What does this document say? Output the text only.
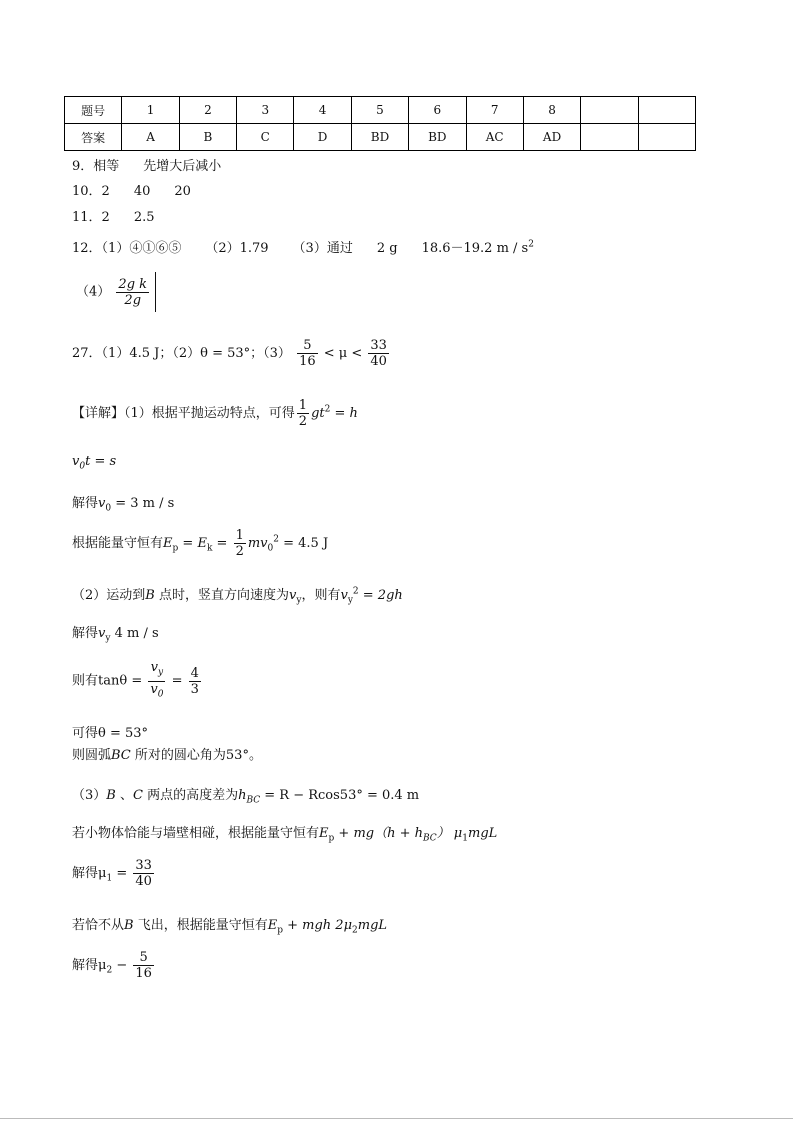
题号	1	2	3	4	5	6	7	8		
答案	A	B	C	D	BD	BD	AC	AD		
9．相等 先增大后减小
10．2 40 20
11．2 2.5
12．（1）④①⑥⑤ （2）1.79 （3）通过 2 g 18.6－19.2 m / $s^2$
$(4) \frac{\text{2g k}}{2g}$
27．（1）4.5 J；（2）θ = 53°；$(3) \frac{5}{16} < \mu < \frac{33}{40}$
【详解】（1）根据平抛运动特点，可得 $\frac{1}{2} gt^2 = h$
$v_0t = s$
解得$v_0 = 3$ m / s
根据能量守恒有$E_p = E_k = \frac{1}{2} mv_0^2 = 4.5$ J
（2）运动到B 点时，竖直方向速度为$v_y$，则有$v_y^2 = 2gh$
解得$v_y$ 4 m / s
则有$\tan\theta = \frac{v_y}{v_0} = \frac{4}{3}$
可得θ = 53°
则圆弧BC 所对的圆心角为53°。
（3）B 、C 两点的高度差为$h_{BC} = R - Rcos53^\circ = 0.4$ m
若小物体恰能与墙壁相碰，根据能量守恒有$E_p + mg(h + h_{BC})$ $\mu_1mgL$
解得$\mu_1 = \frac{33}{40}$
若恰不从B 飞出，根据能量守恒有$E_p$ + mgh $2\mu_2mgL$
解得$\mu_2 - \frac{5}{16}$
